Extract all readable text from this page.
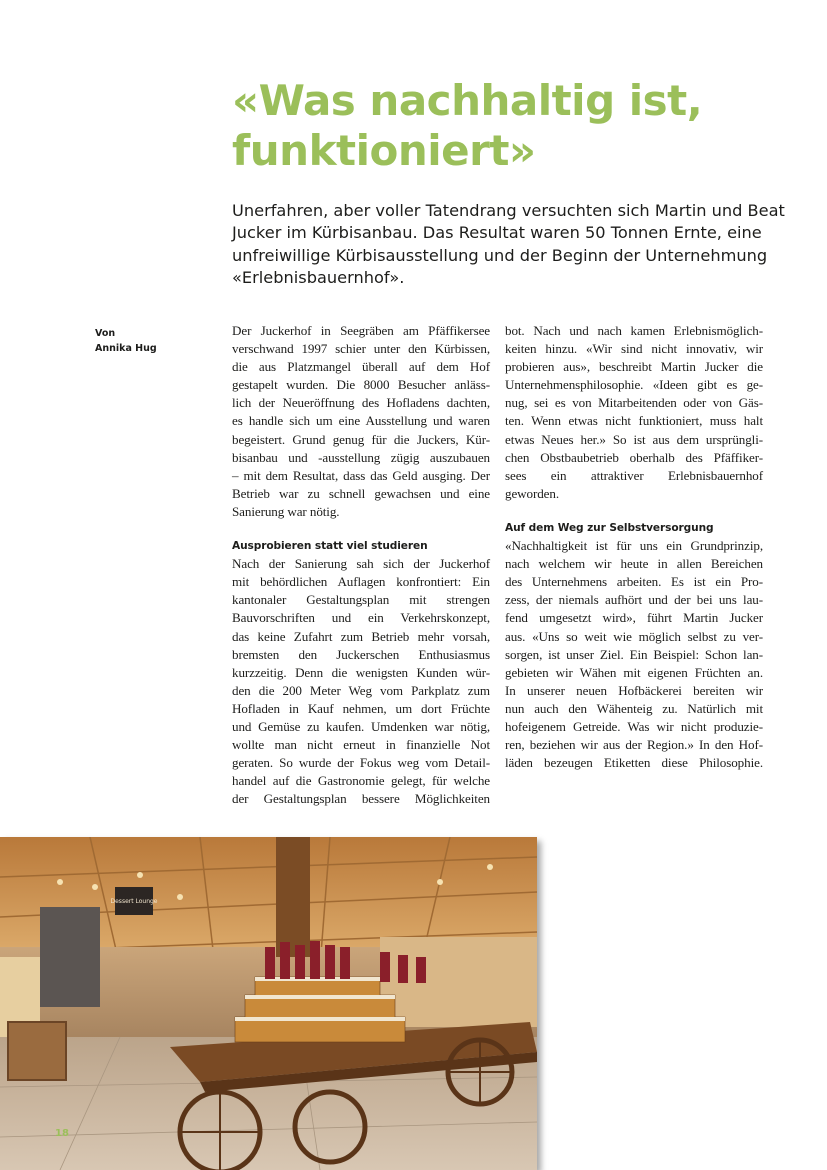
«Was nachhaltig ist,
funktioniert»

Unerfahren, aber voller Tatendrang versuchten sich Martin und Beat
Jucker im Kürbisanbau. Das Resultat waren 50 Tonnen Ernte, eine
unfreiwillige Kürbisausstellung und der Beginn der Unternehmung
«Erlebnisbauernhof».

Von
Annika Hug
Der Juckerhof in Seegräben am Pfäffikersee
verschwand 1997 schier unter den Kürbissen,
die aus Platzmangel überall auf dem Hof
gestapelt wurden. Die 8000 Besucher anläss-
lich der Neueröffnung des Hofladens dachten,
es handle sich um eine Ausstellung und waren
begeistert. Grund genug für die Juckers, Kür-
bisanbau und -ausstellung zügig auszubauen
– mit dem Resultat, dass das Geld ausging. Der
Betrieb war zu schnell gewachsen und eine
Sanierung war nötig.
Ausprobieren statt viel studieren
Nach der Sanierung sah sich der Juckerhof
mit behördlichen Auflagen konfrontiert: Ein
kantonaler Gestaltungsplan mit strengen
Bauvorschriften und ein Verkehrskonzept,
das keine Zufahrt zum Betrieb mehr vorsah,
bremsten den Juckerschen Enthusiasmus
kurzzeitig. Denn die wenigsten Kunden wür-
den die 200 Meter Weg vom Parkplatz zum
Hofladen in Kauf nehmen, um dort Früchte
und Gemüse zu kaufen. Umdenken war nötig,
wollte man nicht erneut in finanzielle Not
geraten. So wurde der Fokus weg vom Detail-
handel auf die Gastronomie gelegt, für welche
der Gestaltungsplan bessere Möglichkeiten
bot. Nach und nach kamen Erlebnismöglich-
keiten hinzu. «Wir sind nicht innovativ, wir
probieren aus», beschreibt Martin Jucker die
Unternehmensphilosophie. «Ideen gibt es ge-
nug, sei es von Mitarbeitenden oder von Gäs-
ten. Wenn etwas nicht funktioniert, muss halt
etwas Neues her.» So ist aus dem ursprüngli-
chen Obstbaubetrieb oberhalb des Pfäffiker-
sees ein attraktiver Erlebnisbauernhof
geworden.
Auf dem Weg zur Selbstversorgung
«Nachhaltigkeit ist für uns ein Grundprinzip,
nach welchem wir heute in allen Bereichen
des Unternehmens arbeiten. Es ist ein Pro-
zess, der niemals aufhört und der bei uns lau-
fend umgesetzt wird», führt Martin Jucker
aus. «Uns so weit wie möglich selbst zu ver-
sorgen, ist unser Ziel. Ein Beispiel: Schon lan-
gebieten wir Wähen mit eigenen Früchten an.
In unserer neuen Hofbäckerei bereiten wir
nun auch den Wähenteig zu. Natürlich mit
hofeigenem Getreide. Was wir nicht produzie-
ren, beziehen wir aus der Region.» In den Hof-
läden bezeugen Etiketten diese Philosophie.
Dessert Lounge
18
